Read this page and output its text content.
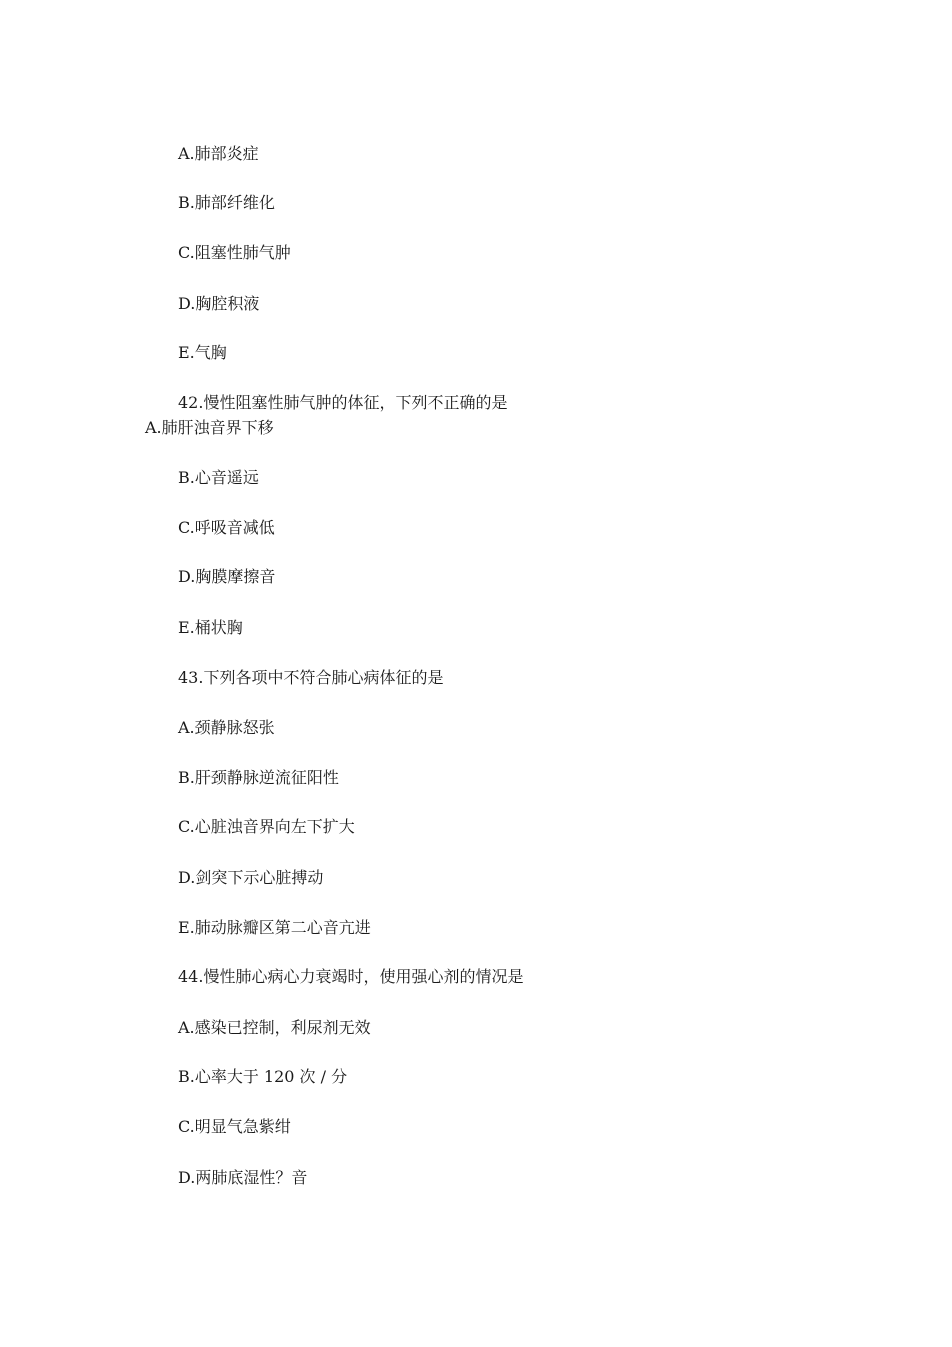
A.肺部炎症
B.肺部纤维化
C.阻塞性肺气肿
D.胸腔积液
E.气胸
42.慢性阻塞性肺气肿的体征，下列不正确的是
A.肺肝浊音界下移
B.心音遥远
C.呼吸音减低
D.胸膜摩擦音
E.桶状胸
43.下列各项中不符合肺心病体征的是
A.颈静脉怒张
B.肝颈静脉逆流征阳性
C.心脏浊音界向左下扩大
D.剑突下示心脏搏动
E.肺动脉瓣区第二心音亢进
44.慢性肺心病心力衰竭时，使用强心剂的情况是
A.感染已控制，利尿剂无效
B.心率大于 120 次 / 分
C.明显气急紫绀
D.两肺底湿性？音
